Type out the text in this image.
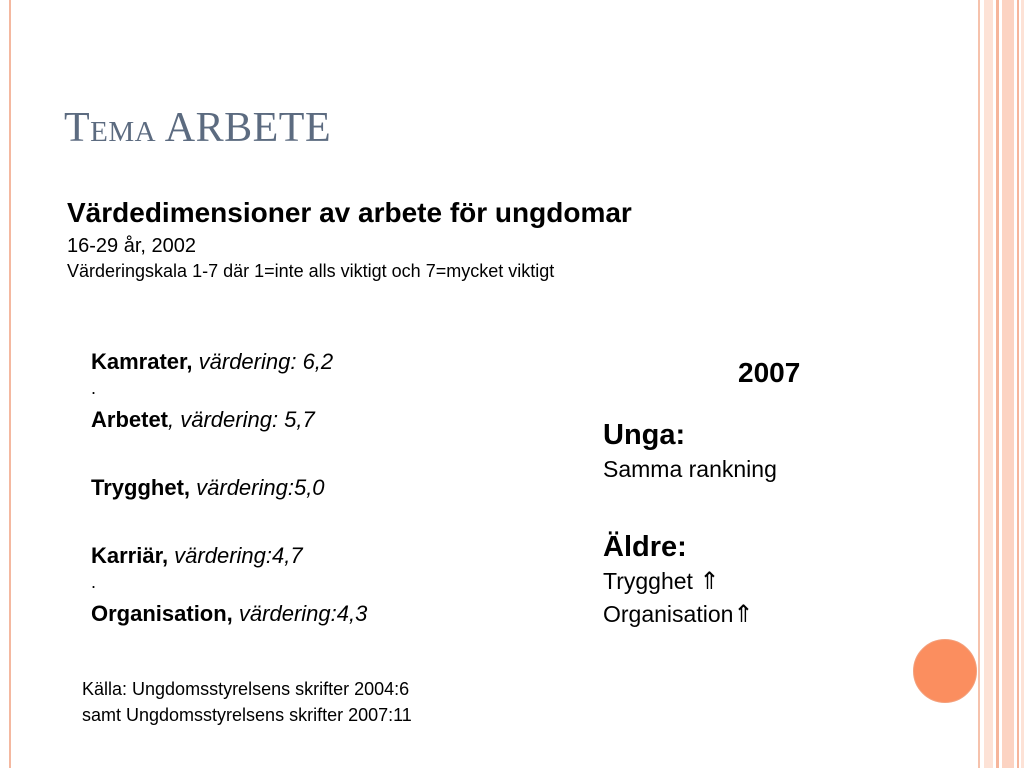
Tema ARBETE
Värdedimensioner av arbete för ungdomar
16-29 år, 2002
Värderingskala 1-7 där 1=inte alls viktigt och 7=mycket viktigt
Kamrater, värdering: 6,2
.
Arbetet, värdering: 5,7
Trygghet, värdering:5,0
Karriär, värdering:4,7
.
Organisation, värdering:4,3
2007
Unga:
Samma rankning
Äldre:
Trygghet ⇑
Organisation⇑
Källa: Ungdomsstyrelsens skrifter 2004:6
samt Ungdomsstyrelsens skrifter 2007:11
